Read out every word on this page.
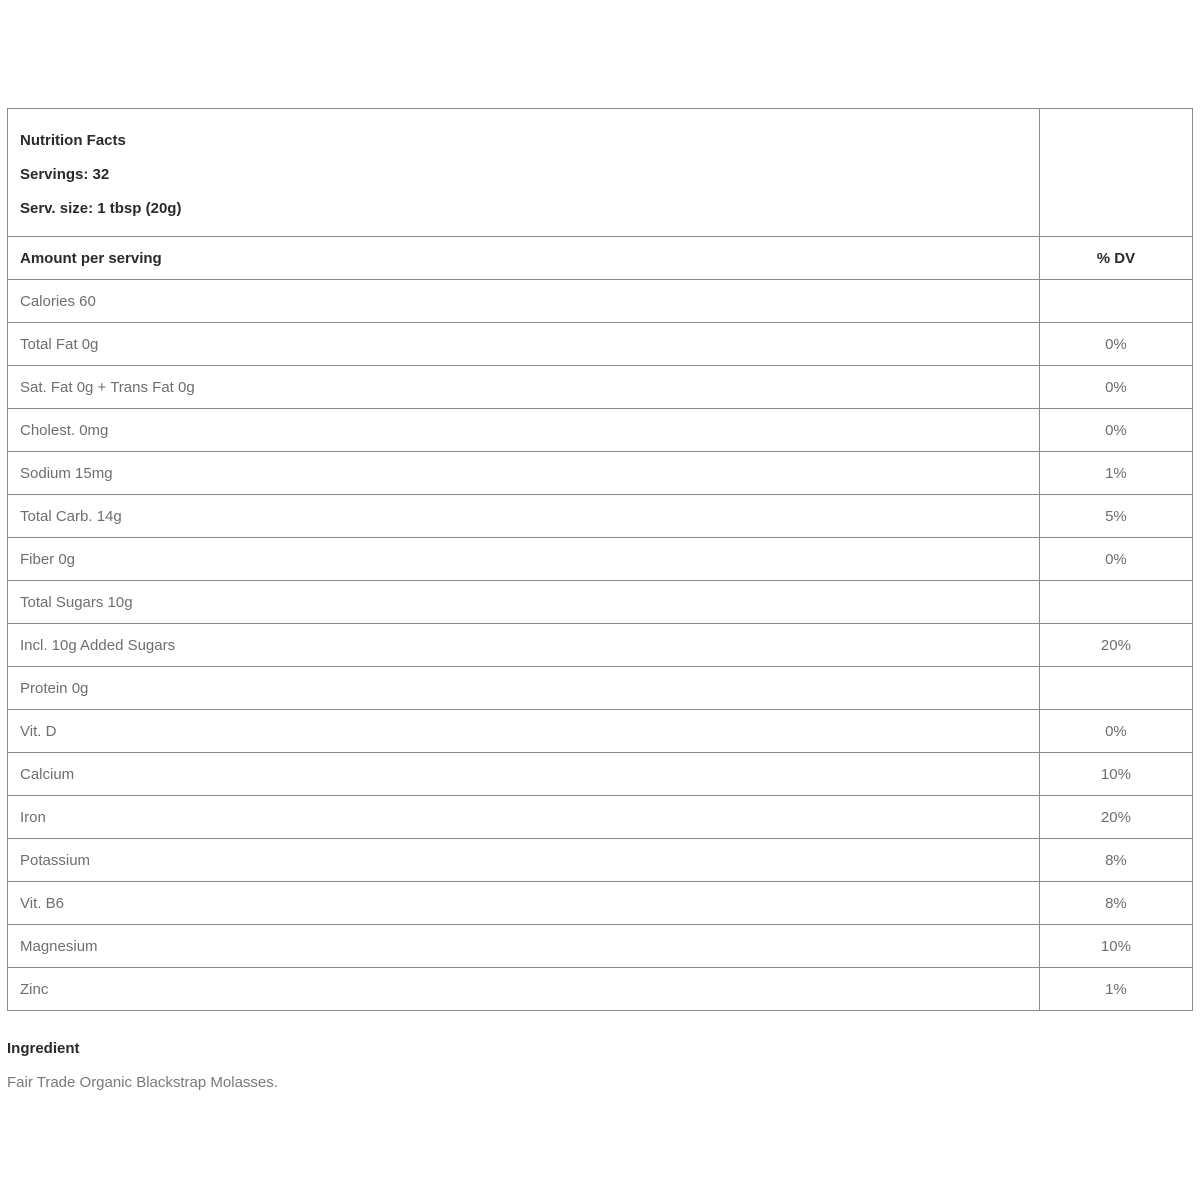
Nutrition Facts
Servings: 32
Serv. size: 1 tbsp (20g)	

Amount per serving	% DV
Calories 60	
Total Fat 0g	0%
Sat. Fat 0g + Trans Fat 0g	0%
Cholest. 0mg	0%
Sodium 15mg	1%
Total Carb. 14g	5%
Fiber 0g	0%
Total Sugars 10g	
Incl. 10g Added Sugars	20%
Protein 0g	
Vit. D	0%
Calcium	10%
Iron	20%
Potassium	8%
Vit. B6	8%
Magnesium	10%
Zinc	1%
Ingredient
Fair Trade Organic Blackstrap Molasses.
